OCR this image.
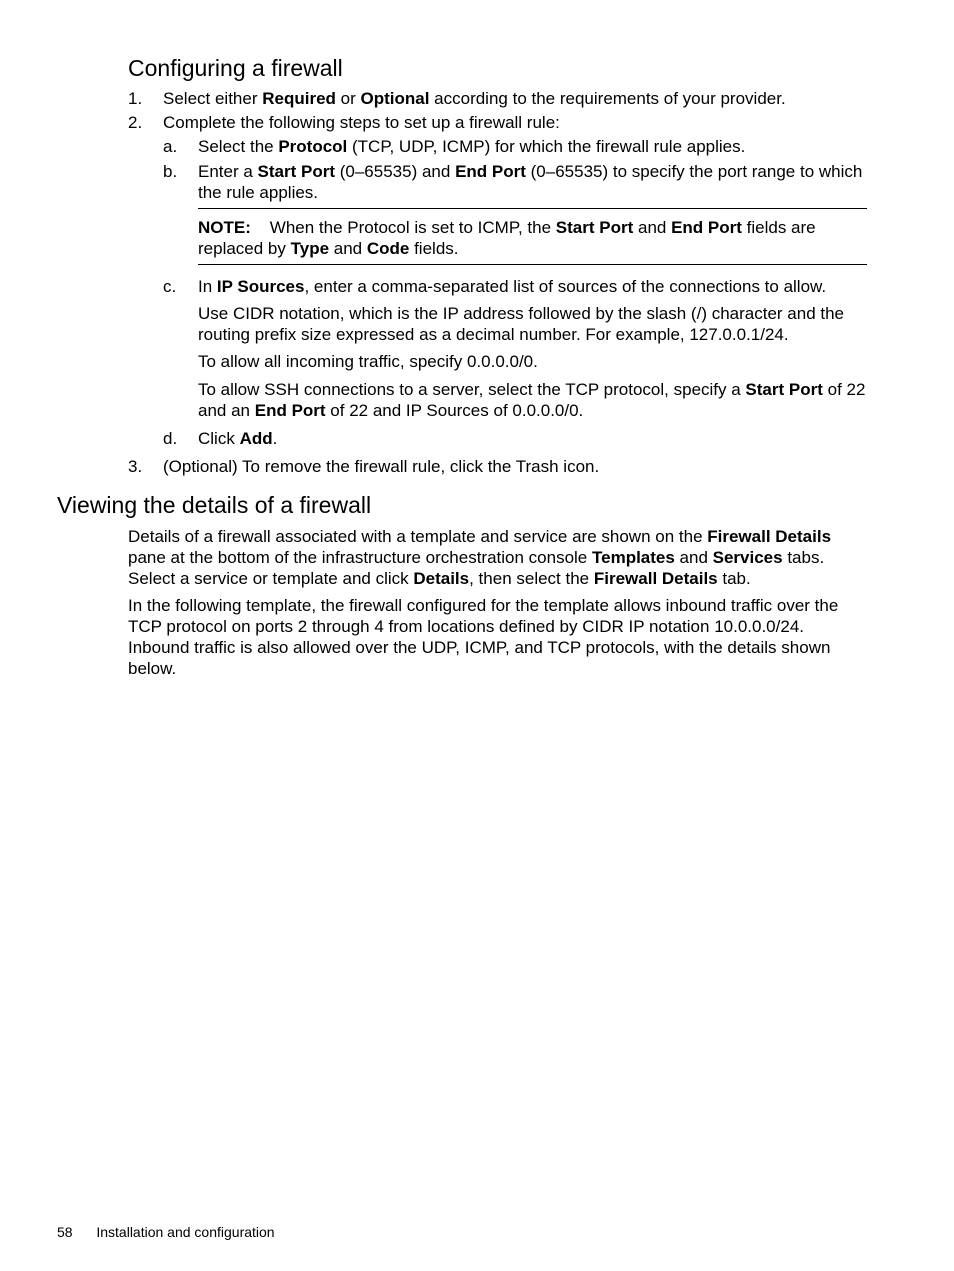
Configuring a firewall
1. Select either Required or Optional according to the requirements of your provider.
2. Complete the following steps to set up a firewall rule:
a. Select the Protocol (TCP, UDP, ICMP) for which the firewall rule applies.
b. Enter a Start Port (0–65535) and End Port (0–65535) to specify the port range to which the rule applies.
NOTE: When the Protocol is set to ICMP, the Start Port and End Port fields are replaced by Type and Code fields.
c. In IP Sources, enter a comma-separated list of sources of the connections to allow.
Use CIDR notation, which is the IP address followed by the slash (/) character and the routing prefix size expressed as a decimal number. For example, 127.0.0.1/24.
To allow all incoming traffic, specify 0.0.0.0/0.
To allow SSH connections to a server, select the TCP protocol, specify a Start Port of 22 and an End Port of 22 and IP Sources of 0.0.0.0/0.
d. Click Add.
3. (Optional) To remove the firewall rule, click the Trash icon.
Viewing the details of a firewall
Details of a firewall associated with a template and service are shown on the Firewall Details pane at the bottom of the infrastructure orchestration console Templates and Services tabs. Select a service or template and click Details, then select the Firewall Details tab.
In the following template, the firewall configured for the template allows inbound traffic over the TCP protocol on ports 2 through 4 from locations defined by CIDR IP notation 10.0.0.0/24. Inbound traffic is also allowed over the UDP, ICMP, and TCP protocols, with the details shown below.
58 Installation and configuration
